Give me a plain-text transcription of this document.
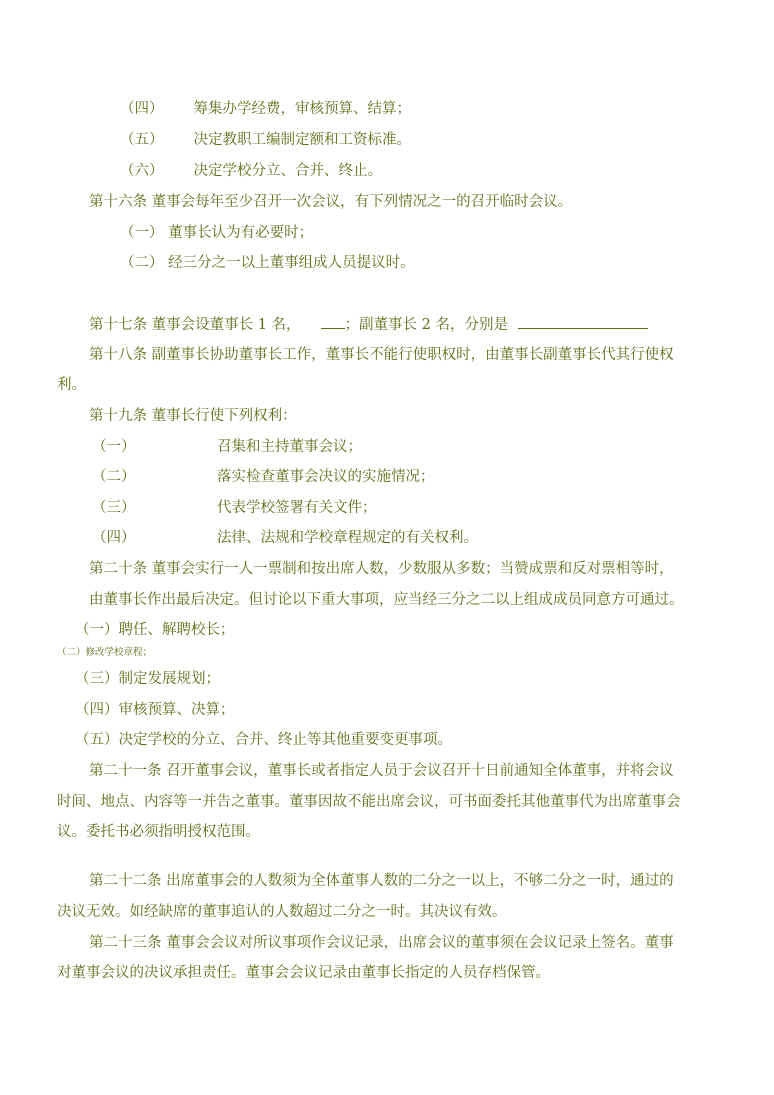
（四） 筹集办学经费，审核预算、结算；
（五） 决定教职工编制定额和工资标准。
（六） 决定学校分立、合并、终止。
第十六条 董事会每年至少召开一次会议，有下列情况之一的召开临时会议。
（一） 董事长认为有必要时；
（二） 经三分之一以上董事组成人员提议时。
第十七条 董事会设董事长 1 名，	；副董事长 2 名，分别是
第十八条 副董事长协助董事长工作，董事长不能行使职权时，由董事长副董事长代其行使权
利。
第十九条 董事长行使下列权利：
（一）	召集和主持董事会议；
（二）	落实检查董事会决议的实施情况；
（三）	代表学校签署有关文件；
（四）	法律、法规和学校章程规定的有关权利。
第二十条 董事会实行一人一票制和按出席人数，少数服从多数；当赞成票和反对票相等时，
由董事长作出最后决定。但讨论以下重大事项，应当经三分之二以上组成成员同意方可通过。
（一）聘任、解聘校长；
（二）修改学校章程；
（三）制定发展规划；
（四）审核预算、决算；
（五）决定学校的分立、合并、终止等其他重要变更事项。
第二十一条 召开董事会议，董事长或者指定人员于会议召开十日前通知全体董事，并将会议
时间、地点、内容等一并告之董事。董事因故不能出席会议，可书面委托其他董事代为出席董事会
议。委托书必须指明授权范围。
第二十二条 出席董事会的人数须为全体董事人数的二分之一以上，不够二分之一时，通过的
决议无效。如经缺席的董事追认的人数超过二分之一时。其决议有效。
第二十三条 董事会会议对所议事项作会议记录，出席会议的董事须在会议记录上签名。董事
对董事会议的决议承担责任。董事会会议记录由董事长指定的人员存档保管。
